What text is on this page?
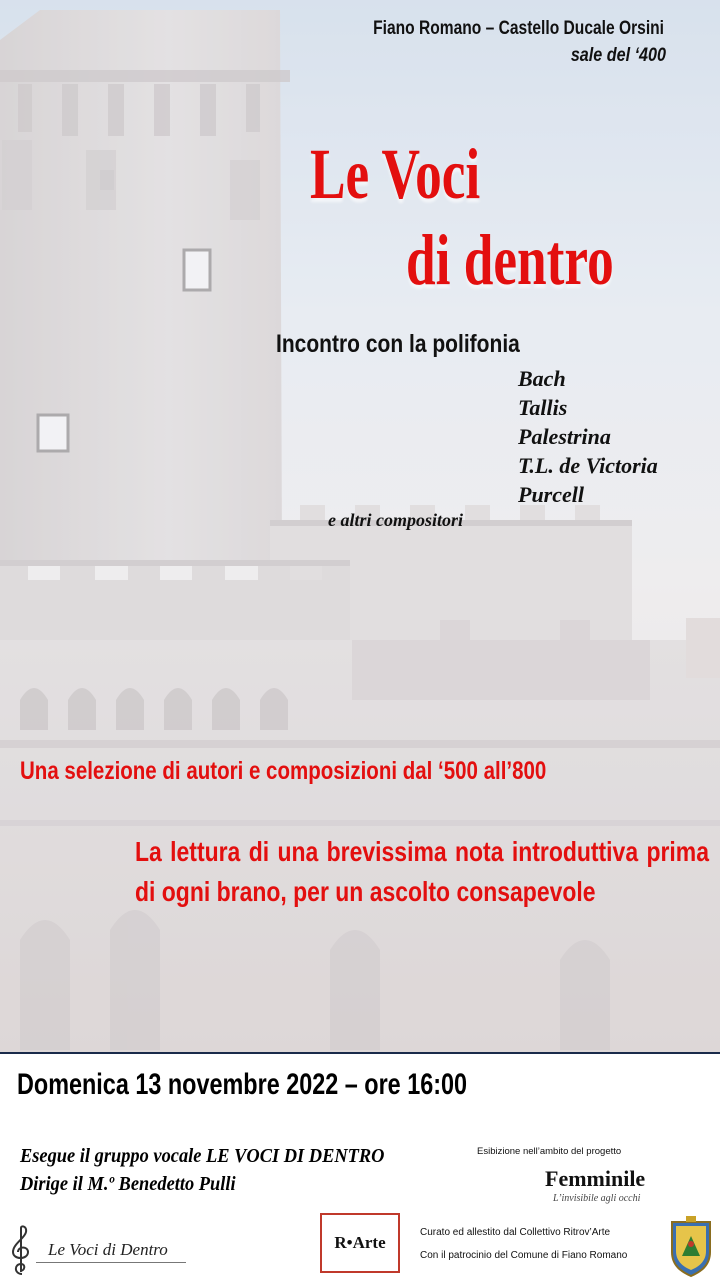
Fiano Romano – Castello Ducale Orsini
sale del ‘400
Le Voci
di dentro
Incontro con la polifonia
Bach
Tallis
Palestrina
T.L. de Victoria
Purcell
e altri compositori
Una selezione di autori e composizioni dal ‘500 all’800
La lettura di una brevissima nota introduttiva prima di ogni brano, per un ascolto consapevole
Domenica 13 novembre 2022 – ore 16:00
Esegue il gruppo vocale LE VOCI DI DENTRO
Dirige il M.º Benedetto Pulli
Esibizione nell’ambito del progetto
Femminile
L’invisibile agli occhi
R•Arte
Curato ed allestito dal Collettivo Ritrov’Arte
Con il patrocinio del Comune di Fiano Romano
Le Voci di Dentro
